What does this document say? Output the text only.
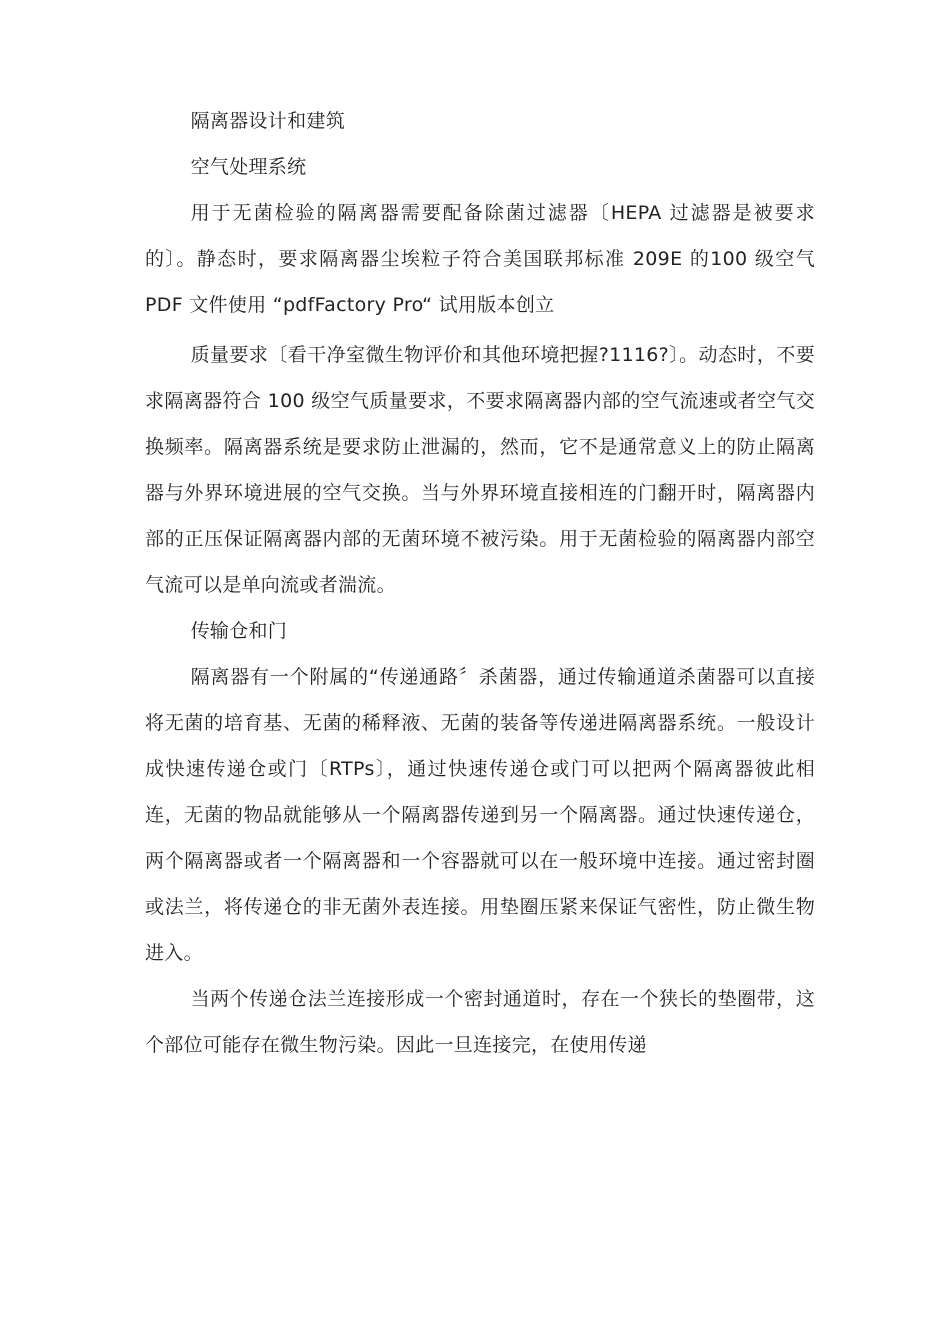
隔离器设计和建筑

空气处理系统

用于无菌检验的隔离器需要配备除菌过滤器〔HEPA 过滤器是被要求的〕。静态时，要求隔离器尘埃粒子符合美国联邦标准 209E 的100 级空气 PDF 文件使用 “pdfFactory Pro“ 试用版本创立

质量要求〔看干净室微生物评价和其他环境把握?1116?〕。动态时，不要求隔离器符合 100 级空气质量要求，不要求隔离器内部的空气流速或者空气交换频率。隔离器系统是要求防止泄漏的，然而，它不是通常意义上的防止隔离器与外界环境进展的空气交换。当与外界环境直接相连的门翻开时，隔离器内部的正压保证隔离器内部的无菌环境不被污染。用于无菌检验的隔离器内部空气流可以是单向流或者湍流。

传输仓和门

隔离器有一个附属的“传递通路〞杀菌器，通过传输通道杀菌器可以直接将无菌的培育基、无菌的稀释液、无菌的装备等传递进隔离器系统。一般设计成快速传递仓或门〔RTPs〕，通过快速传递仓或门可以把两个隔离器彼此相连，无菌的物品就能够从一个隔离器传递到另一个隔离器。通过快速传递仓，两个隔离器或者一个隔离器和一个容器就可以在一般环境中连接。通过密封圈或法兰，将传递仓的非无菌外表连接。用垫圈压紧来保证气密性，防止微生物进入。

当两个传递仓法兰连接形成一个密封通道时，存在一个狭长的垫圈带，这个部位可能存在微生物污染。因此一旦连接完，在使用传递
